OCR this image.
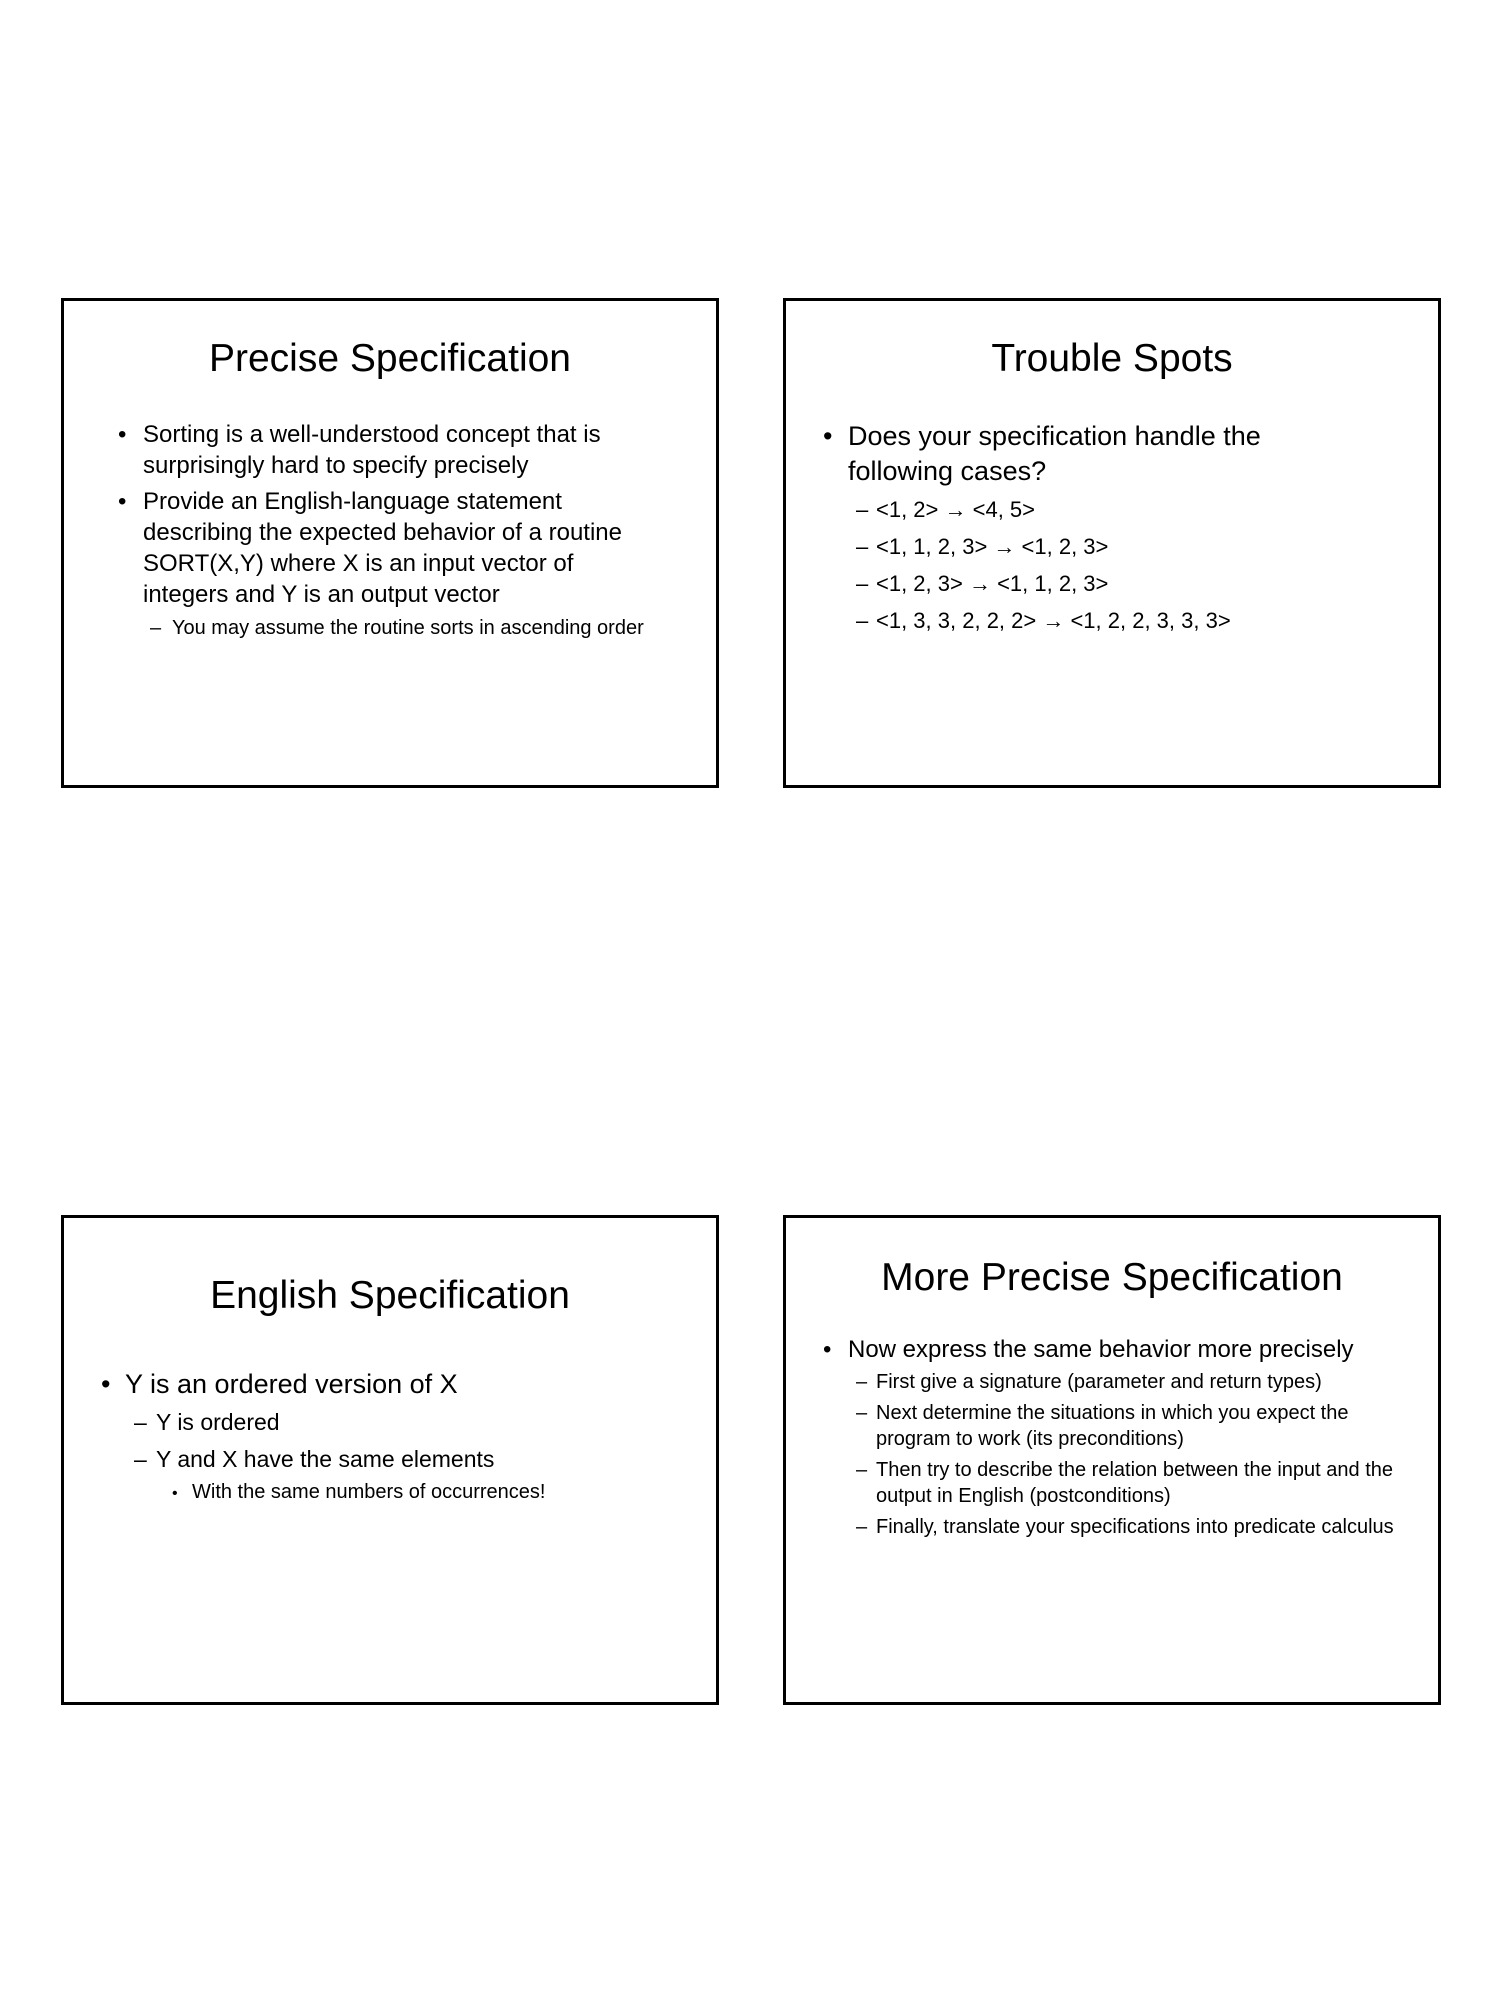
Precise Specification
• Sorting is a well-understood concept that is surprisingly hard to specify precisely
• Provide an English-language statement describing the expected behavior of a routine SORT(X,Y) where X is an input vector of integers and Y is an output vector
– You may assume the routine sorts in ascending order
Trouble Spots
• Does your specification handle the following cases?
– <1, 2> → <4, 5>
– <1, 1, 2, 3> → <1, 2, 3>
– <1, 2, 3> → <1, 1, 2, 3>
– <1, 3, 3, 2, 2, 2> → <1, 2, 2, 3, 3, 3>
English Specification
• Y is an ordered version of X
– Y is ordered
– Y and X have the same elements
• With the same numbers of occurrences!
More Precise Specification
• Now express the same behavior more precisely
– First give a signature (parameter and return types)
– Next determine the situations in which you expect the program to work (its preconditions)
– Then try to describe the relation between the input and the output in English (postconditions)
– Finally, translate your specifications into predicate calculus
